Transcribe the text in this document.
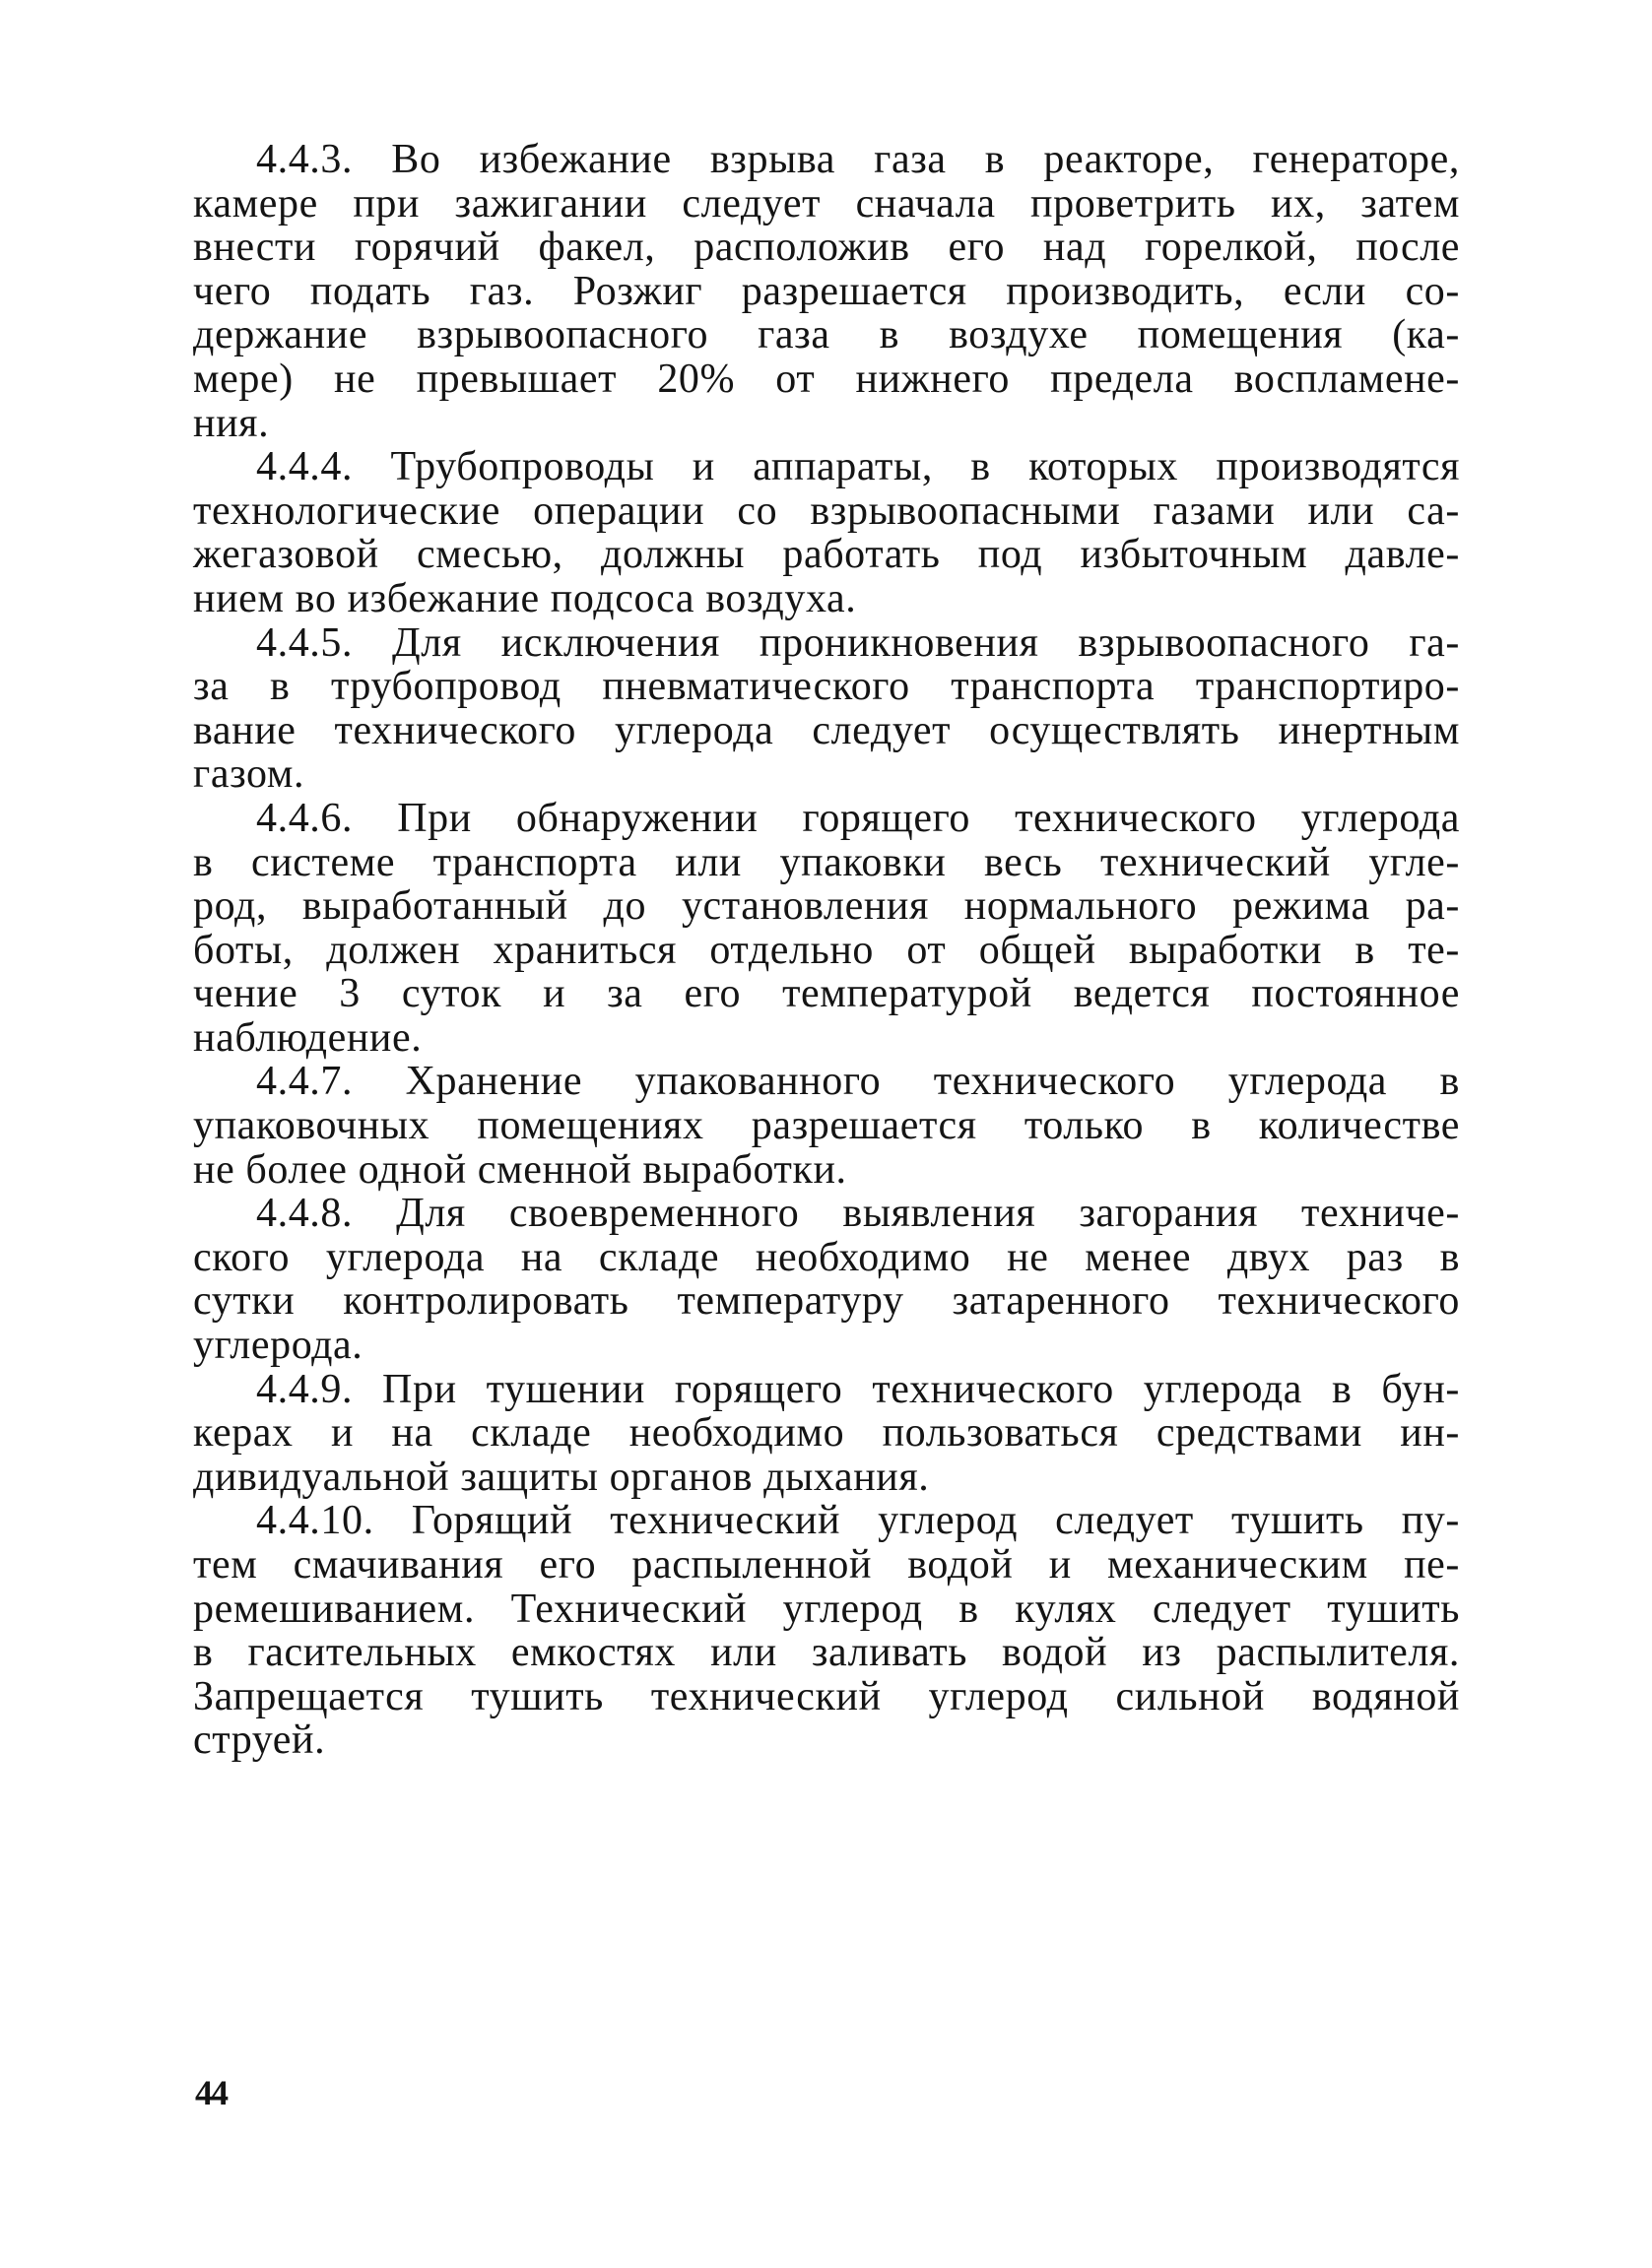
4.4.3. Во избежание взрыва газа в реакторе, генераторе,
камере при зажигании следует сначала проветрить их, затем
внести горячий факел, расположив его над горелкой, после
чего подать газ. Розжиг разрешается производить, если со-
держание взрывоопасного газа в воздухе помещения (ка-
мере) не превышает 20% от нижнего предела воспламене-
ния.
4.4.4. Трубопроводы и аппараты, в которых производятся
технологические операции со взрывоопасными газами или са-
жегазовой смесью, должны работать под избыточным давле-
нием во избежание подсоса воздуха.
4.4.5. Для исключения проникновения взрывоопасного га-
за в трубопровод пневматического транспорта транспортиро-
вание технического углерода следует осуществлять инертным
газом.
4.4.6. При обнаружении горящего технического углерода
в системе транспорта или упаковки весь технический угле-
род, выработанный до установления нормального режима ра-
боты, должен храниться отдельно от общей выработки в те-
чение 3 суток и за его температурой ведется постоянное
наблюдение.
4.4.7. Хранение упакованного технического углерода в
упаковочных помещениях разрешается только в количестве
не более одной сменной выработки.
4.4.8. Для своевременного выявления загорания техниче-
ского углерода на складе необходимо не менее двух раз в
сутки контролировать температуру затаренного технического
углерода.
4.4.9. При тушении горящего технического углерода в бун-
керах и на складе необходимо пользоваться средствами ин-
дивидуальной защиты органов дыхания.
4.4.10. Горящий технический углерод следует тушить пу-
тем смачивания его распыленной водой и механическим пе-
ремешиванием. Технический углерод в кулях следует тушить
в гасительных емкостях или заливать водой из распылителя.
Запрещается тушить технический углерод сильной водяной
струей.
44
